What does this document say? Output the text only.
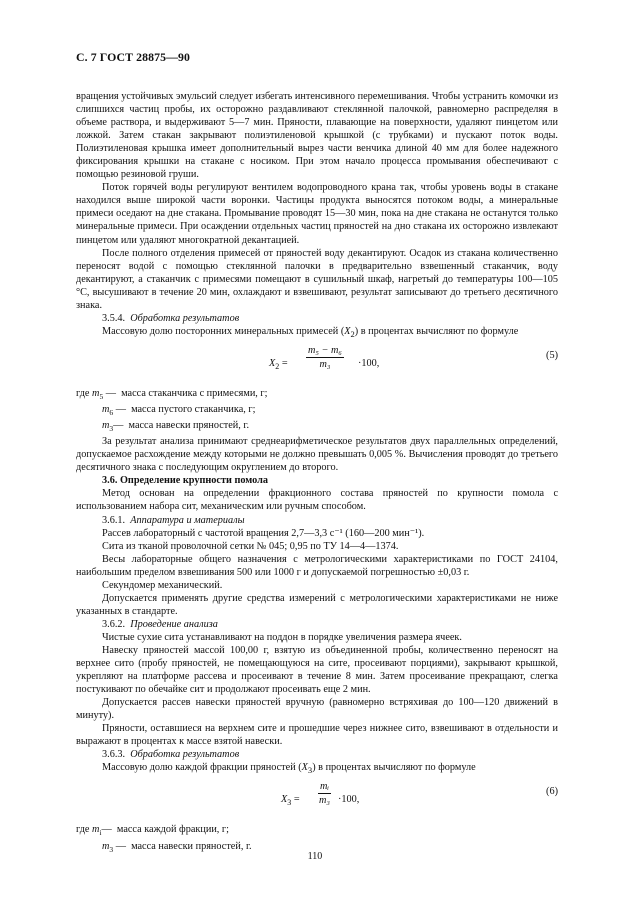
С. 7 ГОСТ 28875—90

вращения устойчивых эмульсий следует избегать интенсивного перемешивания. Чтобы устранить комочки из слипшихся частиц пробы, их осторожно раздавливают стеклянной палочкой, равномерно распределяя в объеме раствора, и выдерживают 5—7 мин. Пряности, плавающие на поверхности, удаляют пинцетом или ложкой. Затем стакан закрывают полиэтиленовой крышкой (с трубками) и пускают поток воды. Полиэтиленовая крышка имеет дополнительный вырез части венчика длиной 40 мм для более надежного фиксирования крышки на стакане с носиком. При этом начало процесса промывания обеспечивают с помощью резиновой груши.

Поток горячей воды регулируют вентилем водопроводного крана так, чтобы уровень воды в стакане находился выше широкой части воронки. Частицы продукта выносятся потоком воды, а минеральные примеси оседают на дне стакана. Промывание проводят 15—30 мин, пока на дне стакана не останутся только минеральные примеси. При осаждении отдельных частиц пряностей на дно стакана их осторожно извлекают пинцетом или удаляют многократной декантацией.

После полного отделения примесей от пряностей воду декантируют. Осадок из стакана количественно переносят водой с помощью стеклянной палочки в предварительно взвешенный стаканчик, воду декантируют, а стаканчик с примесями помещают в сушильный шкаф, нагретый до температуры 100—105 °С, высушивают в течение 20 мин, охлаждают и взвешивают, результат записывают до третьего десятичного знака.

3.5.4. Обработка результатов

Массовую долю посторонних минеральных примесей $(X_2)$ в процентах вычисляют по формуле

$X_2 = \frac{\text{m₅ − m₆}}{\text{m₃}} \cdot 100$,
(5)

где $m_5$ — масса стаканчика с примесями, г;

$m_6$ — масса пустого стаканчика, г;

$m_3—$ масса навески пряностей, г.

За результат анализа принимают среднеарифметическое результатов двух параллельных определений, допускаемое расхождение между которыми не должно превышать 0,005 %. Вычисления проводят до третьего десятичного знака с последующим округлением до второго.

3.6. Определение крупности помола

Метод основан на определении фракционного состава пряностей по крупности помола с использованием набора сит, механическим или ручным способом.

3.6.1. Аппаратура и материалы

Рассев лабораторный с частотой вращения 2,7—3,3 с⁻¹ (160—200 мин⁻¹).

Сита из тканой проволочной сетки № 045; 0,95 по ТУ 14—4—1374.

Весы лабораторные общего назначения с метрологическими характеристиками по ГОСТ 24104, наибольшим пределом взвешивания 500 или 1000 г и допускаемой погрешностью ±0,03 г.

Секундомер механический.

Допускается применять другие средства измерений с метрологическими характеристиками не ниже указанных в стандарте.

3.6.2. Проведение анализа

Чистые сухие сита устанавливают на поддон в порядке увеличения размера ячеек.

Навеску пряностей массой 100,00 г, взятую из объединенной пробы, количественно переносят на верхнее сито (пробу пряностей, не помещающуюся на сите, просеивают порциями), закрывают крышкой, укрепляют на платформе рассева и просеивают в течение 8 мин. Затем просеивание прекращают, слегка постукивают по обечайке сит и продолжают просеивать еще 2 мин.

Допускается рассев навески пряностей вручную (равномерно встряхивая до 100—120 движений в минуту).

Пряности, оставшиеся на верхнем сите и прошедшие через нижнее сито, взвешивают в отдельности и выражают в процентах к массе взятой навески.

3.6.3. Обработка результатов

Массовую долю каждой фракции пряностей $(X_3)$ в процентах вычисляют по формуле

$X_3 = \frac{\text{mᵢ}}{\text{m₃}} \cdot 100$,
(6)

где $m_i—$ масса каждой фракции, г;

$m_3$ — масса навески пряностей, г.

110
